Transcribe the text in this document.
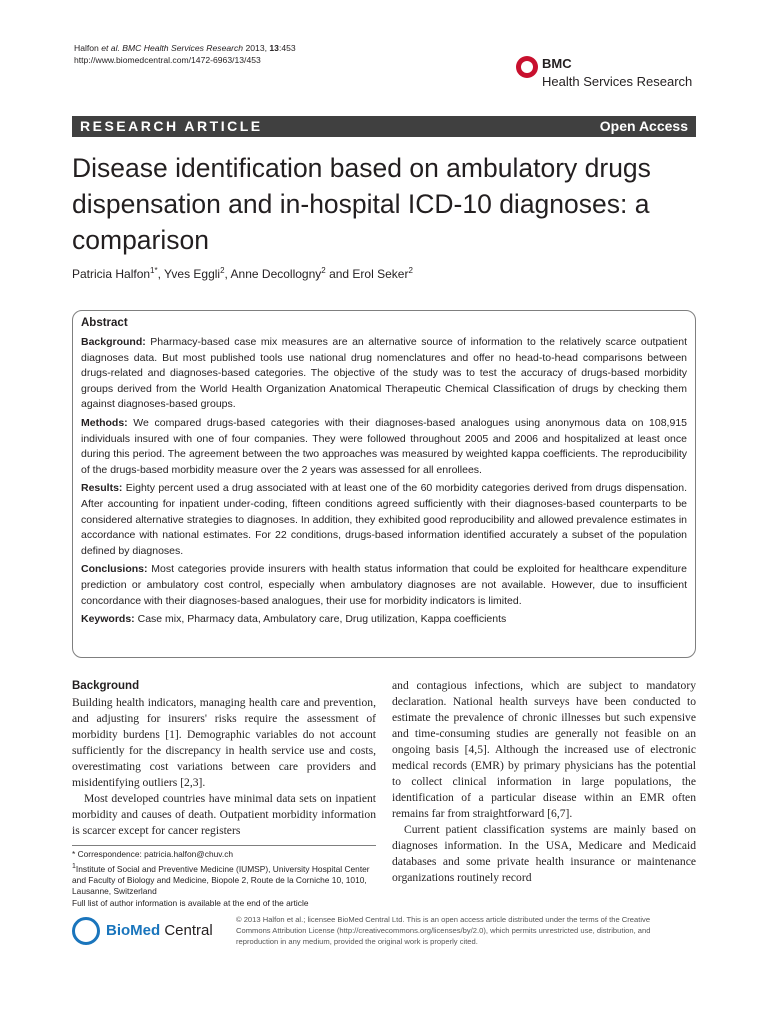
Halfon et al. BMC Health Services Research 2013, 13:453
http://www.biomedcentral.com/1472-6963/13/453	BMC
Health Services Research
RESEARCH ARTICLE	Open Access
Disease identification based on ambulatory drugs dispensation and in-hospital ICD-10 diagnoses: a comparison
Patricia Halfon$^{1*}$, Yves Eggli$^2$, Anne Decollogny$^2$ and Erol Seker$^2$
Abstract

Background: Pharmacy-based case mix measures are an alternative source of information to the relatively scarce outpatient diagnoses data. But most published tools use national drug nomenclatures and offer no head-to-head comparisons between drugs-related and diagnoses-based categories. The objective of the study was to test the accuracy of drugs-based morbidity groups derived from the World Health Organization Anatomical Therapeutic Chemical Classification of drugs by checking them against diagnoses-based groups.

Methods: We compared drugs-based categories with their diagnoses-based analogues using anonymous data on 108,915 individuals insured with one of four companies. They were followed throughout 2005 and 2006 and hospitalized at least once during this period. The agreement between the two approaches was measured by weighted kappa coefficients. The reproducibility of the drugs-based morbidity measure over the 2 years was assessed for all enrollees.

Results: Eighty percent used a drug associated with at least one of the 60 morbidity categories derived from drugs dispensation. After accounting for inpatient under-coding, fifteen conditions agreed sufficiently with their diagnoses-based counterparts to be considered alternative strategies to diagnoses. In addition, they exhibited good reproducibility and allowed prevalence estimates in accordance with national estimates. For 22 conditions, drugs-based information identified accurately a subset of the population defined by diagnoses.

Conclusions: Most categories provide insurers with health status information that could be exploited for healthcare expenditure prediction or ambulatory cost control, especially when ambulatory diagnoses are not available. However, due to insufficient concordance with their diagnoses-based analogues, their use for morbidity indicators is limited.

Keywords: Case mix, Pharmacy data, Ambulatory care, Drug utilization, Kappa coefficients

Background

Building health indicators, managing health care and prevention, and adjusting for insurers' risks require the assessment of morbidity burdens [1]. Demographic variables do not account sufficiently for the discrepancy in health service use and costs, overestimating cost variations between care providers and misidentifying outliers [2,3].

Most developed countries have minimal data sets on inpatient morbidity and causes of death. Outpatient morbidity information is scarcer except for cancer registers

and contagious infections, which are subject to mandatory declaration. National health surveys have been conducted to estimate the prevalence of chronic illnesses but such expensive and time-consuming studies are generally not feasible on an ongoing basis [4,5]. Although the increased use of electronic medical records (EMR) by primary physicians has the potential to collect clinical information in large populations, the identification of a particular disease within an EMR often remains far from straightforward [6,7].

Current patient classification systems are mainly based on diagnoses information. In the USA, Medicare and Medicaid databases and some private health insurance or maintenance organizations routinely record

* Correspondence: patricia.halfon@chuv.ch

$^1$Institute of Social and Preventive Medicine (IUMSP), University Hospital Center and Faculty of Biology and Medicine, Biopole 2, Route de la Corniche 10, 1010, Lausanne, Switzerland

Full list of author information is available at the end of the article

BioMed Central
© 2013 Halfon et al.; licensee BioMed Central Ltd. This is an open access article distributed under the terms of the Creative Commons Attribution License (http://creativecommons.org/licenses/by/2.0), which permits unrestricted use, distribution, and reproduction in any medium, provided the original work is properly cited.
